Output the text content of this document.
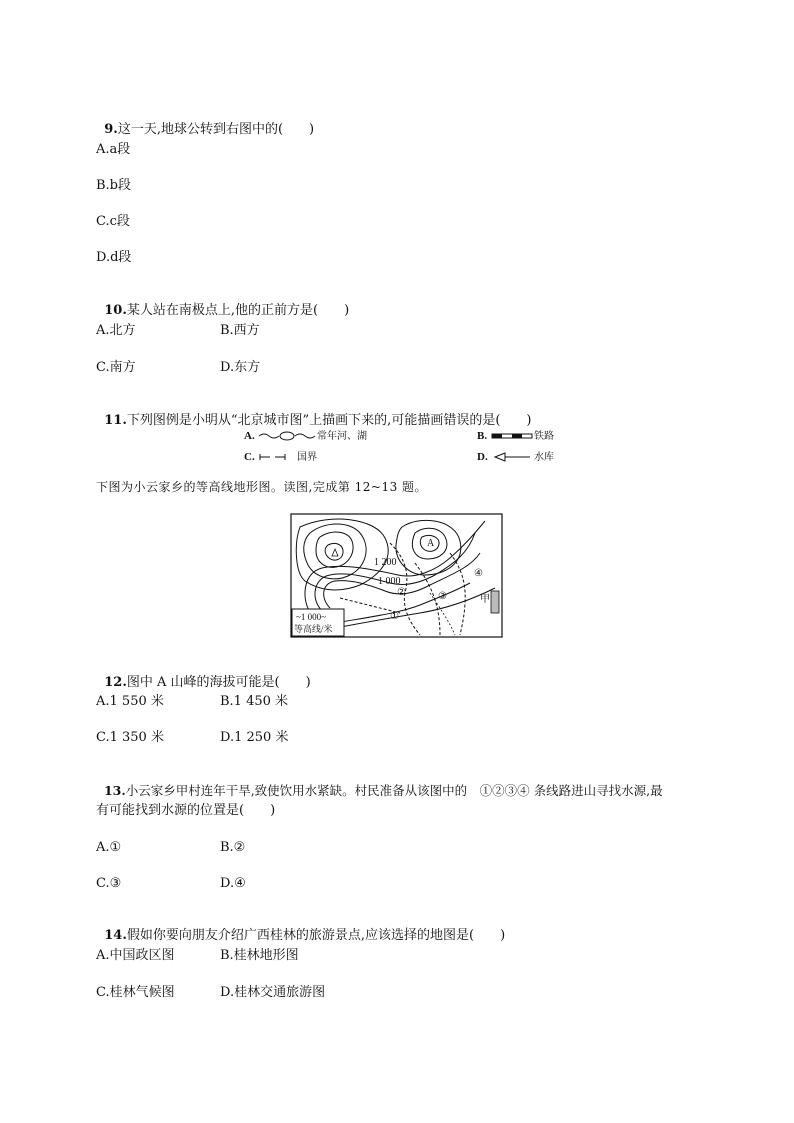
9.这一天,地球公转到右图中的(　　)

A.a段
B.b段
C.c段
D.d段

10.某人站在南极点上,他的正前方是(　　)

A.北方	B.西方
C.南方	D.东方

11.下列图例是小明从“北京城市图”上描画下来的,可能描画错误的是(　　)

A.	常年河、湖	B.	铁路
C.	国界	D.	水库
下图为小云家乡的等高线地形图。读图,完成第 12~13 题。
A
1 200
1 000
①
②	③
④
甲
~1 000~
等高线/米

12.图中 A 山峰的海拔可能是(　　)

A.1 550 米	B.1 450 米
C.1 350 米	D.1 250 米

13.小云家乡甲村连年干旱,致使饮用水紧缺。村民准备从该图中的　①②③④ 条线路进山寻找水源,最

有可能找到水源的位置是(　　)
A.①	B.②
C.③	D.④

14.假如你要向朋友介绍广西桂林的旅游景点,应该选择的地图是(　　)

A.中国政区图	B.桂林地形图
C.桂林气候图	D.桂林交通旅游图
